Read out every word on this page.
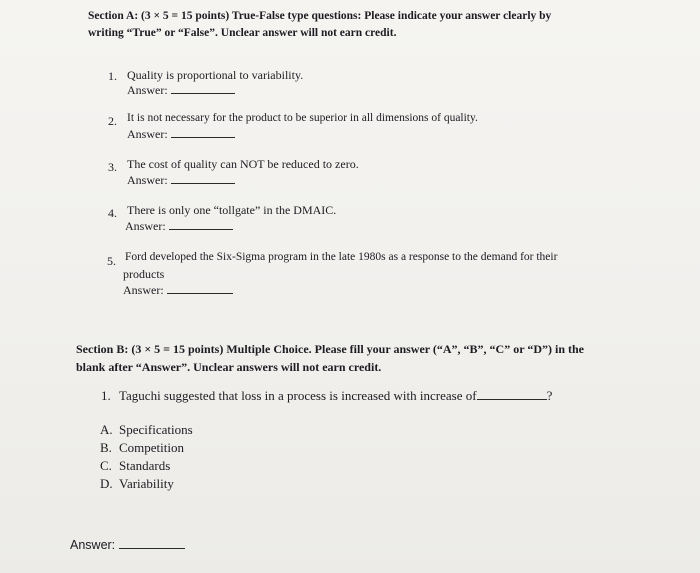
Section A: (3 × 5 = 15 points) True-False type questions: Please indicate your answer clearly by
writing “True” or “False”. Unclear answer will not earn credit.
1. Quality is proportional to variability.
Answer:
2. It is not necessary for the product to be superior in all dimensions of quality.
Answer:
3. The cost of quality can NOT be reduced to zero.
Answer:
4. There is only one “tollgate” in the DMAIC.
Answer:
5. Ford developed the Six-Sigma program in the late 1980s as a response to the demand for their
products
Answer:
Section B: (3 × 5 = 15 points) Multiple Choice. Please fill your answer (“A”, “B”, “C” or “D”) in the
blank after “Answer”. Unclear answers will not earn credit.
1. Taguchi suggested that loss in a process is increased with increase of	?
A. Specifications
B. Competition
C. Standards
D. Variability
Answer:
